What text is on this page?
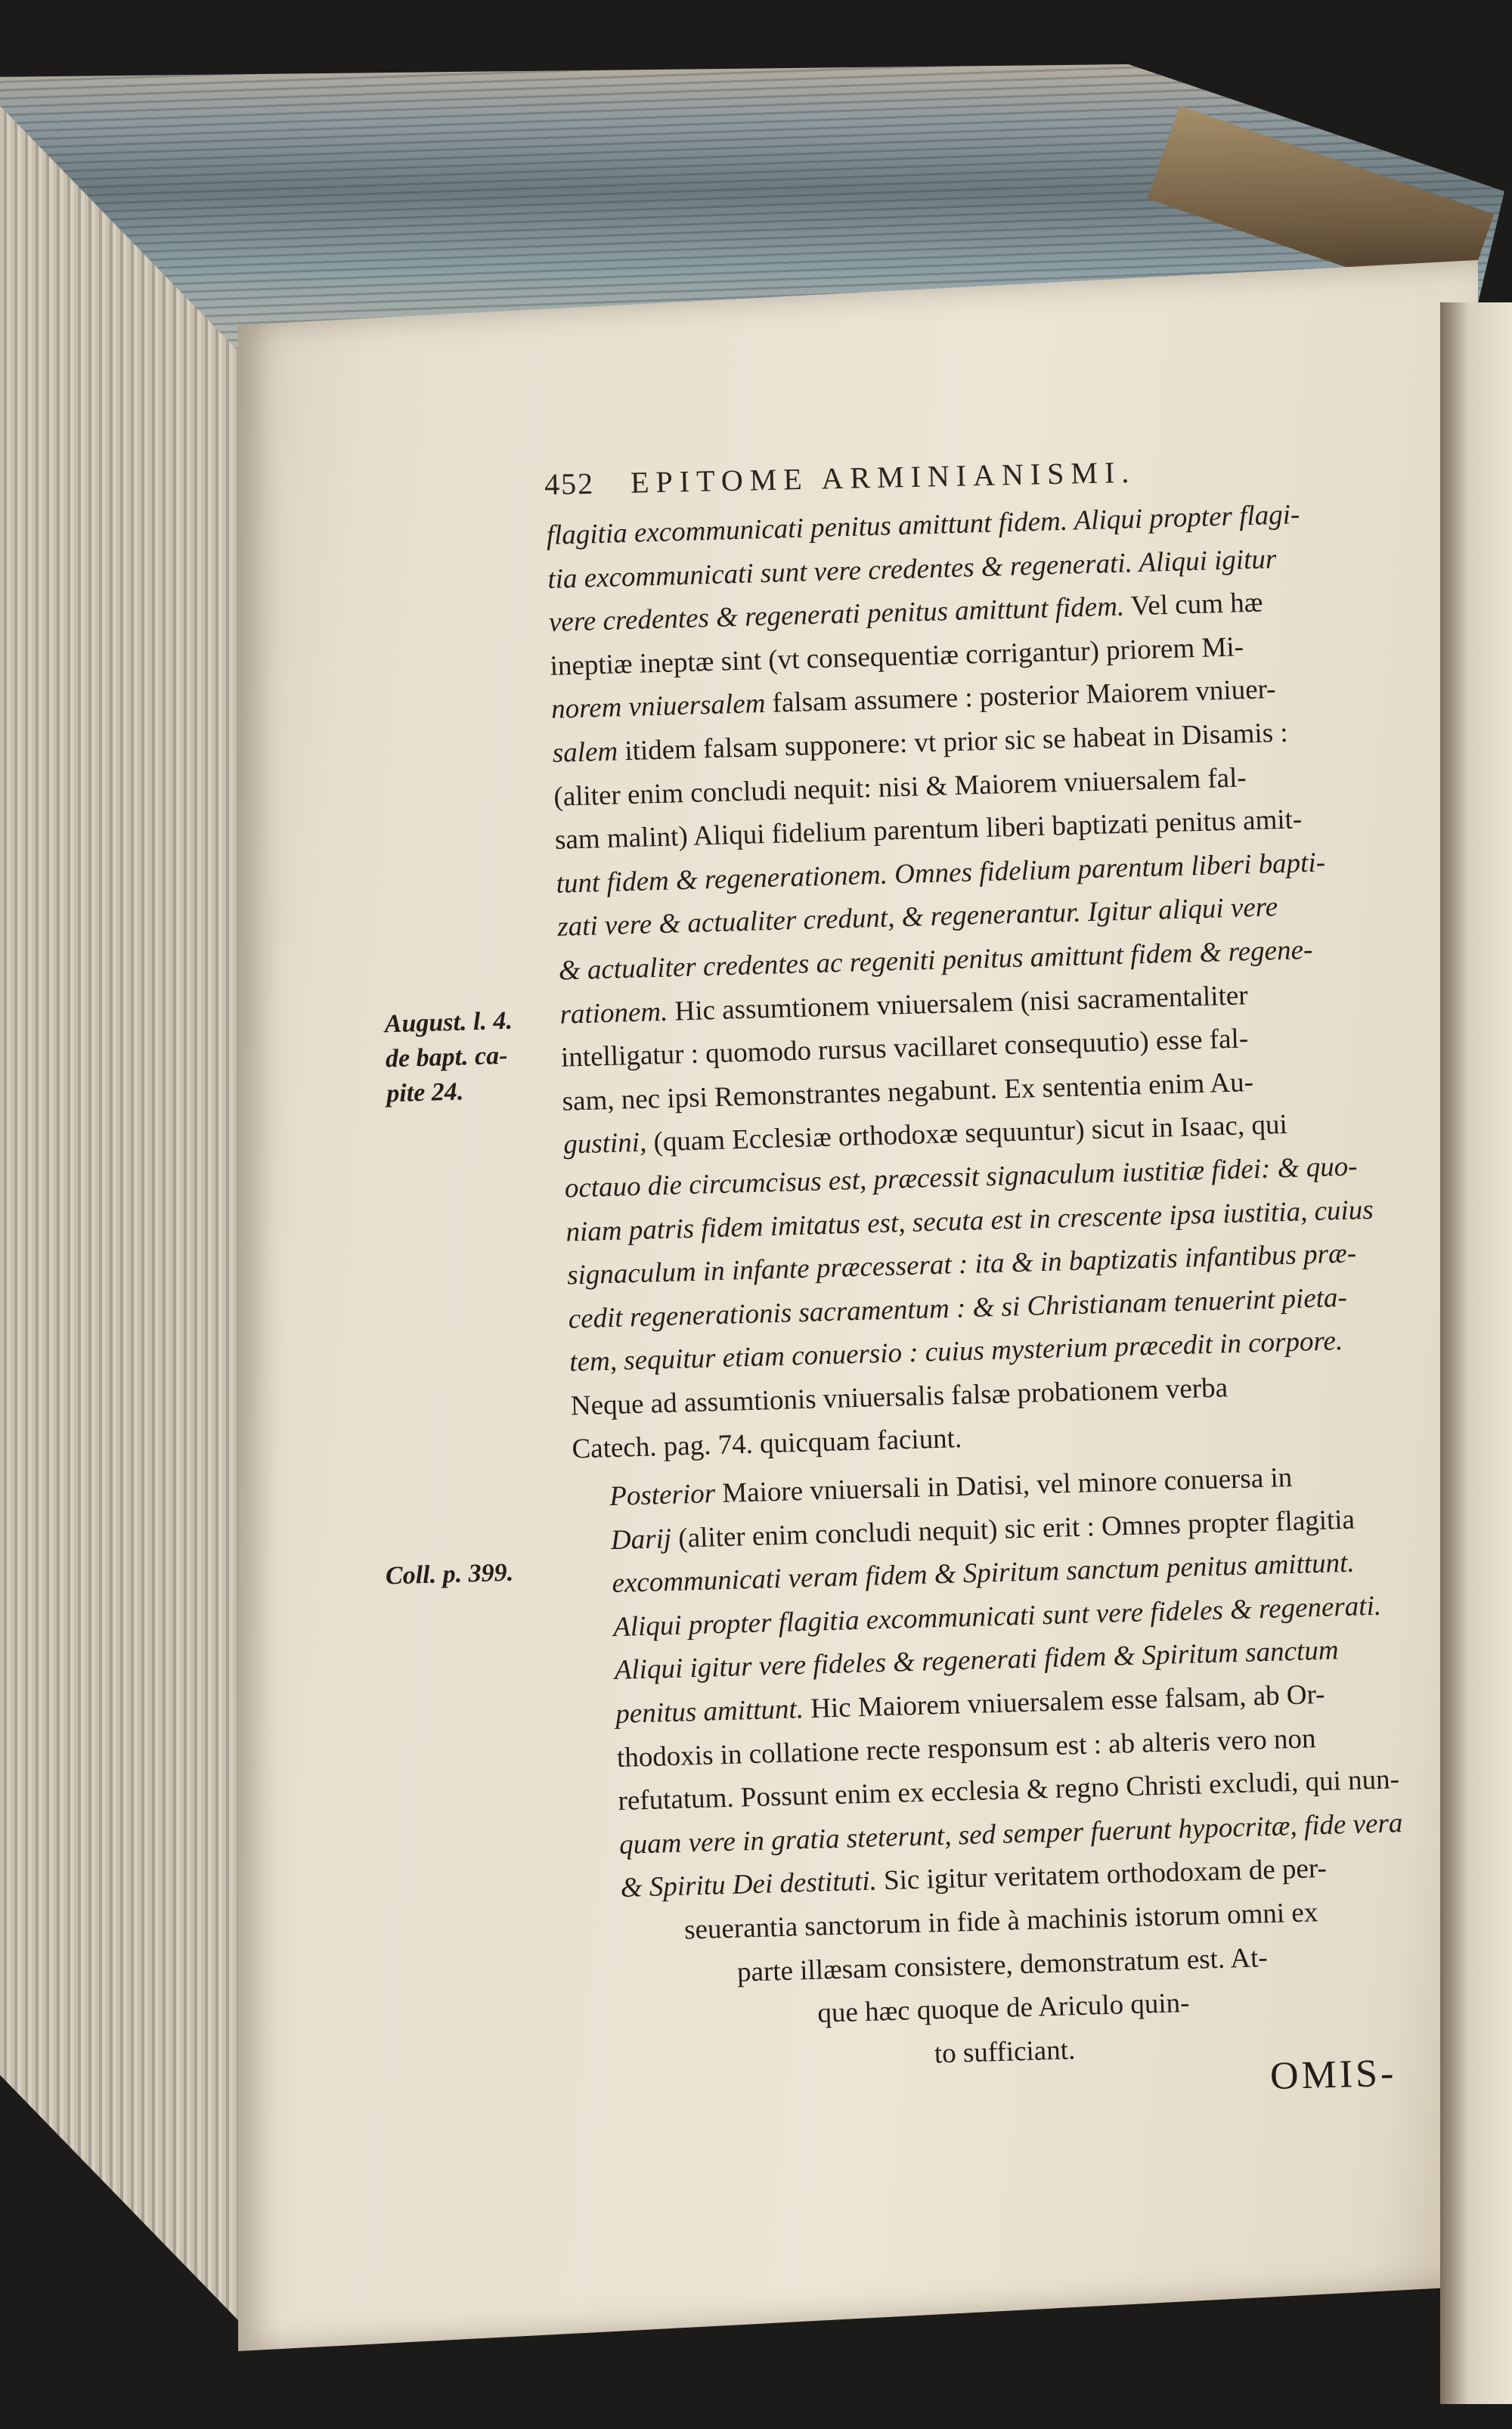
452 EPITOME ARMINIANISMI.
August. l. 4.
de bapt. ca-
pite 24.
Coll. p. 399.
flagitia excommunicati penitus amittunt fidem. Aliqui propter flagi-
tia excommunicati sunt vere credentes & regenerati. Aliqui igitur
vere credentes & regenerati penitus amittunt fidem. Vel cum hæ
ineptiæ ineptæ sint (vt consequentiæ corrigantur) priorem Mi-
norem vniuersalem falsam assumere : posterior Maiorem vniuer-
salem itidem falsam supponere: vt prior sic se habeat in Disamis :
(aliter enim concludi nequit: nisi & Maiorem vniuersalem fal-
sam malint) Aliqui fidelium parentum liberi baptizati penitus amit-
tunt fidem & regenerationem. Omnes fidelium parentum liberi bapti-
zati vere & actualiter credunt, & regenerantur. Igitur aliqui vere
& actualiter credentes ac regeniti penitus amittunt fidem & regene-
rationem. Hic assumtionem vniuersalem (nisi sacramentaliter
intelligatur : quomodo rursus vacillaret consequutio) esse fal-
sam, nec ipsi Remonstrantes negabunt. Ex sententia enim Au-
gustini, (quam Ecclesiæ orthodoxæ sequuntur) sicut in Isaac, qui
octauo die circumcisus est, præcessit signaculum iustitiæ fidei: & quo-
niam patris fidem imitatus est, secuta est in crescente ipsa iustitia, cuius
signaculum in infante præcesserat : ita & in baptizatis infantibus præ-
cedit regenerationis sacramentum : & si Christianam tenuerint pieta-
tem, sequitur etiam conuersio : cuius mysterium præcedit in corpore.
Neque ad assumtionis vniuersalis falsæ probationem verba
Catech. pag. 74. quicquam faciunt.
Posterior Maiore vniuersali in Datisi, vel minore conuersa in
Darij (aliter enim concludi nequit) sic erit : Omnes propter flagitia
excommunicati veram fidem & Spiritum sanctum penitus amittunt.
Aliqui propter flagitia excommunicati sunt vere fideles & regenerati.
Aliqui igitur vere fideles & regenerati fidem & Spiritum sanctum
penitus amittunt. Hic Maiorem vniuersalem esse falsam, ab Or-
thodoxis in collatione recte responsum est : ab alteris vero non
refutatum. Possunt enim ex ecclesia & regno Christi excludi, qui nun-
quam vere in gratia steterunt, sed semper fuerunt hypocritæ, fide vera
& Spiritu Dei destituti. Sic igitur veritatem orthodoxam de per-
seuerantia sanctorum in fide à machinis istorum omni ex
parte illæsam consistere, demonstratum est. At-
que hæc quoque de Ariculo quin-
to sufficiant.	OMIS-
